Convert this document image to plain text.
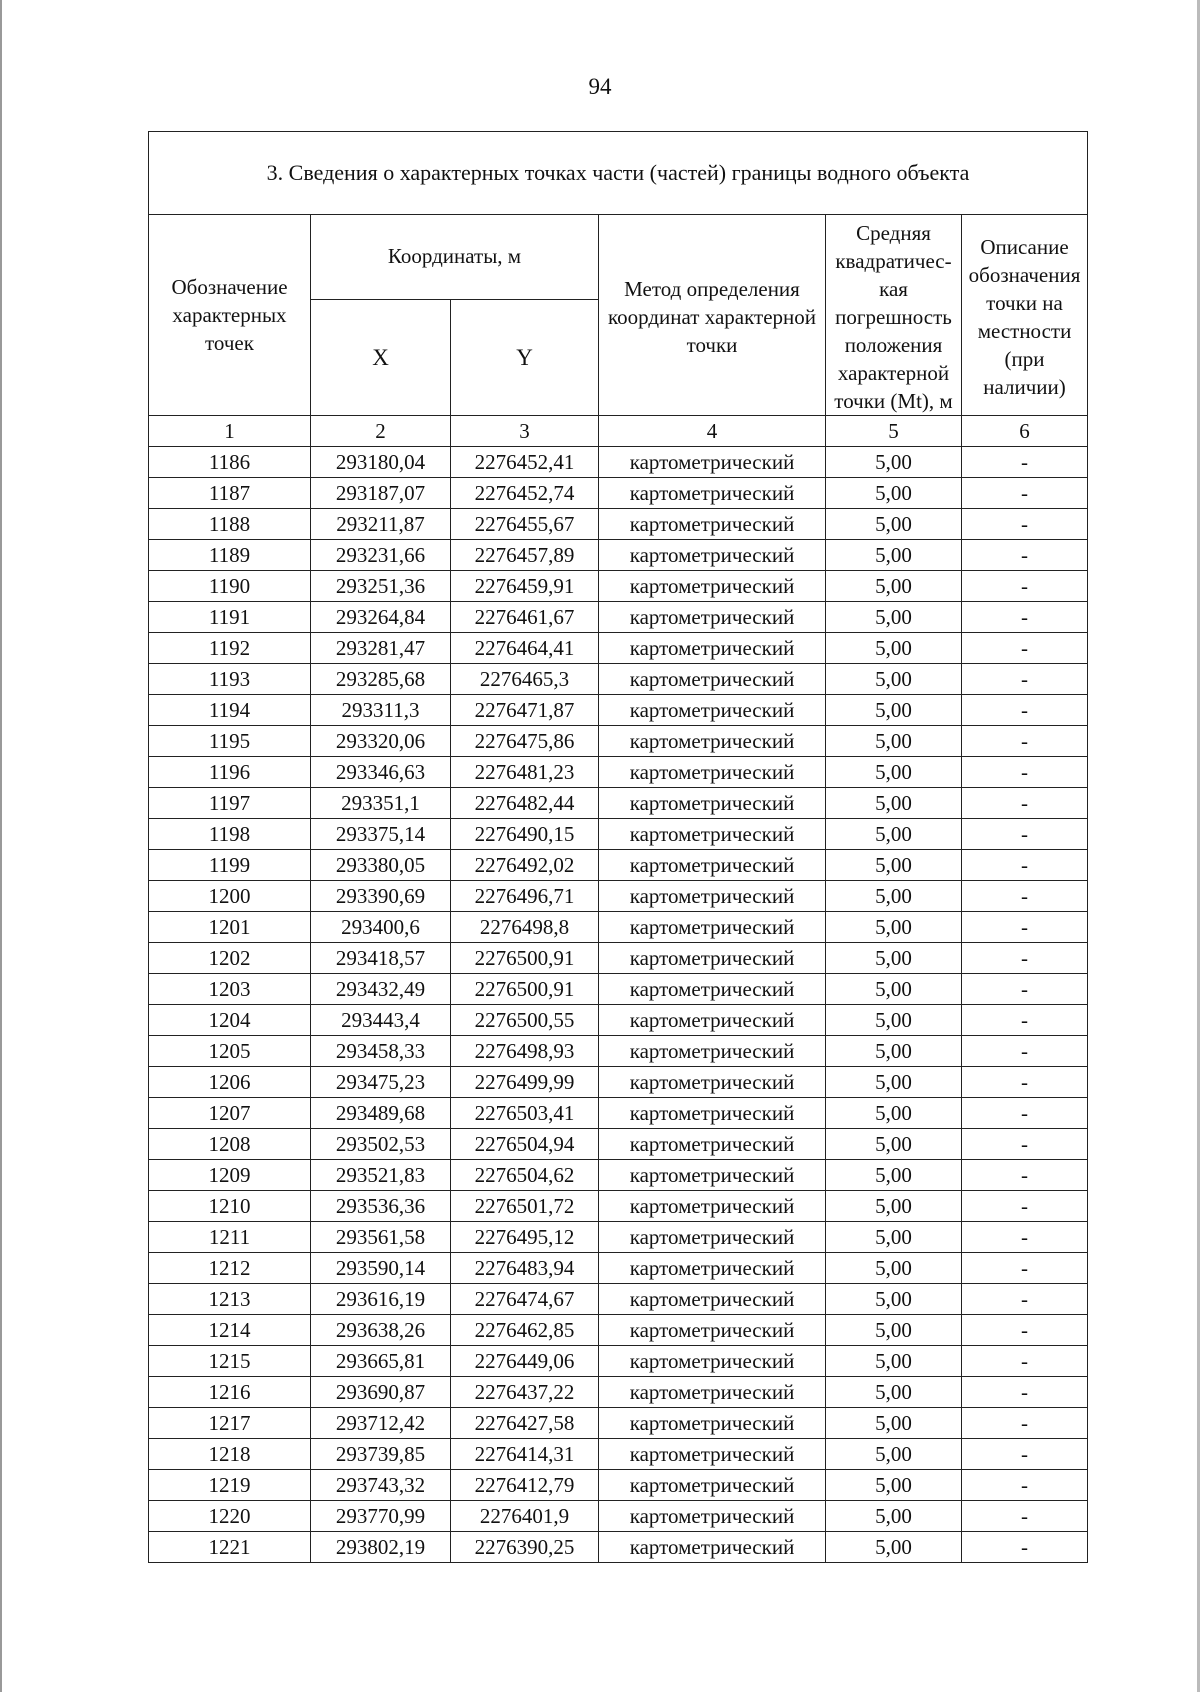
94
3. Сведения о характерных точках части (частей) границы водного объекта					
Обозначение характерных точек	Координаты, м		Метод определения координат характерной точки	Средняя квадратичес-кая погрешность положения характерной точки (Mt), м	Описание обозначения точки на местности (при наличии)
	X	Y			
1	2	3	4	5	6
1186	293180,04	2276452,41	картометрический	5,00	-
1187	293187,07	2276452,74	картометрический	5,00	-
1188	293211,87	2276455,67	картометрический	5,00	-
1189	293231,66	2276457,89	картометрический	5,00	-
1190	293251,36	2276459,91	картометрический	5,00	-
1191	293264,84	2276461,67	картометрический	5,00	-
1192	293281,47	2276464,41	картометрический	5,00	-
1193	293285,68	2276465,3	картометрический	5,00	-
1194	293311,3	2276471,87	картометрический	5,00	-
1195	293320,06	2276475,86	картометрический	5,00	-
1196	293346,63	2276481,23	картометрический	5,00	-
1197	293351,1	2276482,44	картометрический	5,00	-
1198	293375,14	2276490,15	картометрический	5,00	-
1199	293380,05	2276492,02	картометрический	5,00	-
1200	293390,69	2276496,71	картометрический	5,00	-
1201	293400,6	2276498,8	картометрический	5,00	-
1202	293418,57	2276500,91	картометрический	5,00	-
1203	293432,49	2276500,91	картометрический	5,00	-
1204	293443,4	2276500,55	картометрический	5,00	-
1205	293458,33	2276498,93	картометрический	5,00	-
1206	293475,23	2276499,99	картометрический	5,00	-
1207	293489,68	2276503,41	картометрический	5,00	-
1208	293502,53	2276504,94	картометрический	5,00	-
1209	293521,83	2276504,62	картометрический	5,00	-
1210	293536,36	2276501,72	картометрический	5,00	-
1211	293561,58	2276495,12	картометрический	5,00	-
1212	293590,14	2276483,94	картометрический	5,00	-
1213	293616,19	2276474,67	картометрический	5,00	-
1214	293638,26	2276462,85	картометрический	5,00	-
1215	293665,81	2276449,06	картометрический	5,00	-
1216	293690,87	2276437,22	картометрический	5,00	-
1217	293712,42	2276427,58	картометрический	5,00	-
1218	293739,85	2276414,31	картометрический	5,00	-
1219	293743,32	2276412,79	картометрический	5,00	-
1220	293770,99	2276401,9	картометрический	5,00	-
1221	293802,19	2276390,25	картометрический	5,00	-
